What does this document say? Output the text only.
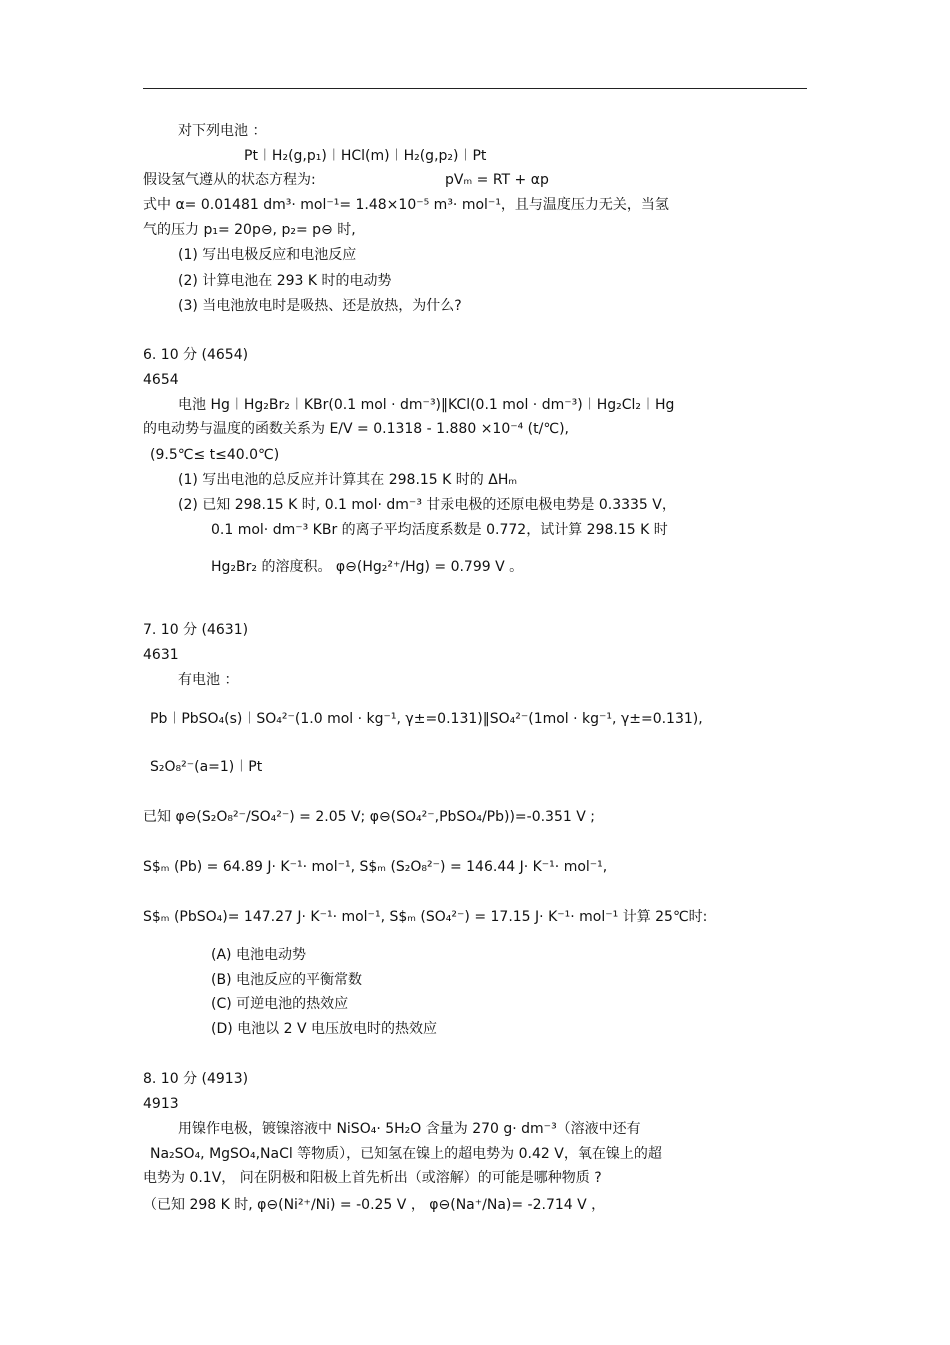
对下列电池 ：
Pt︱H₂(g,p₁)︱HCl(m)︱H₂(g,p₂)︱Pt
假设氢气遵从的状态方程为:	pVₘ = RT + αp
式中 α= 0.01481 dm³· mol⁻¹= 1.48×10⁻⁵ m³· mol⁻¹，且与温度压力无关，当氢
气的压力 p₁= 20p⊖, p₂= p⊖ 时,
(1) 写出电极反应和电池反应
(2) 计算电池在 293 K 时的电动势
(3) 当电池放电时是吸热、还是放热，为什么?
6. 10 分 (4654)
4654
电池 Hg︱Hg₂Br₂︱KBr(0.1 mol · dm⁻³)‖KCl(0.1 mol · dm⁻³)︱Hg₂Cl₂︱Hg
的电动势与温度的函数关系为 E/V = 0.1318 - 1.880 ×10⁻⁴ (t/℃),
(9.5℃≤ t≤40.0℃)
(1) 写出电池的总反应并计算其在 298.15 K 时的 ΔHₘ
(2) 已知 298.15 K 时, 0.1 mol· dm⁻³ 甘汞电极的还原电极电势是 0.3335 V，
0.1 mol· dm⁻³ KBr 的离子平均活度系数是 0.772，试计算 298.15 K 时
Hg₂Br₂ 的溶度积。 φ⊖(Hg₂²⁺/Hg) = 0.799 V 。
7. 10 分 (4631)
4631
有电池 ：
Pb︱PbSO₄(s)︱SO₄²⁻(1.0 mol · kg⁻¹, γ±=0.131)‖SO₄²⁻(1mol · kg⁻¹, γ±=0.131),
S₂O₈²⁻(a=1)︱Pt
已知 φ⊖(S₂O₈²⁻/SO₄²⁻) = 2.05 V; φ⊖(SO₄²⁻,PbSO₄/Pb))=-0.351 V ;
S$ₘ (Pb) = 64.89 J· K⁻¹· mol⁻¹, S$ₘ (S₂O₈²⁻) = 146.44 J· K⁻¹· mol⁻¹,
S$ₘ (PbSO₄)= 147.27 J· K⁻¹· mol⁻¹, S$ₘ (SO₄²⁻) = 17.15 J· K⁻¹· mol⁻¹ 计算 25℃时:
(A) 电池电动势
(B) 电池反应的平衡常数
(C) 可逆电池的热效应
(D) 电池以 2 V 电压放电时的热效应
8. 10 分 (4913)
4913
用镍作电极，镀镍溶液中 NiSO₄· 5H₂O 含量为 270 g· dm⁻³（溶液中还有
Na₂SO₄, MgSO₄,NaCl 等物质），已知氢在镍上的超电势为 0.42 V，氧在镍上的超
电势为 0.1V， 问在阴极和阳极上首先析出（或溶解）的可能是哪种物质 ?
（已知 298 K 时, φ⊖(Ni²⁺/Ni) = -0.25 V ， φ⊖(Na⁺/Na)= -2.714 V ，
